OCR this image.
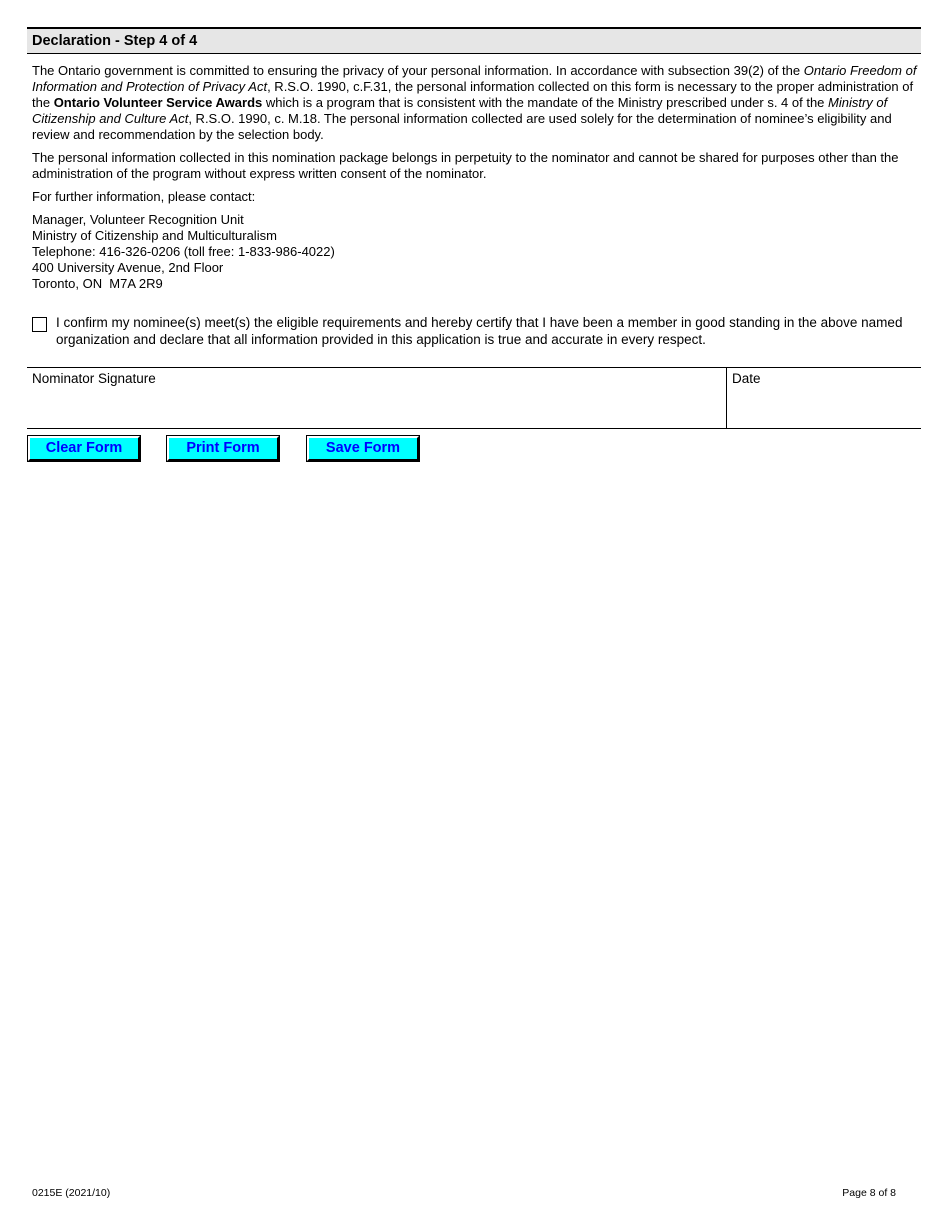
Declaration - Step 4 of 4

The Ontario government is committed to ensuring the privacy of your personal information. In accordance with subsection 39(2) of the Ontario Freedom of Information and Protection of Privacy Act, R.S.O. 1990, c.F.31, the personal information collected on this form is necessary to the proper administration of the Ontario Volunteer Service Awards which is a program that is consistent with the mandate of the Ministry prescribed under s. 4 of the Ministry of Citizenship and Culture Act, R.S.O. 1990, c. M.18. The personal information collected are used solely for the determination of nominee’s eligibility and review and recommendation by the selection body.

The personal information collected in this nomination package belongs in perpetuity to the nominator and cannot be shared for purposes other than the administration of the program without express written consent of the nominator.

For further information, please contact:

Manager, Volunteer Recognition Unit
Ministry of Citizenship and Multiculturalism
Telephone: 416-326-0206 (toll free: 1-833-986-4022)
400 University Avenue, 2nd Floor
Toronto, ON  M7A 2R9
I confirm my nominee(s) meet(s) the eligible requirements and hereby certify that I have been a member in good standing in the above named organization and declare that all information provided in this application is true and accurate in every respect.
Nominator Signature	Date
Clear Form	Print Form	Save Form
0215E (2021/10)	Page 8 of 8
